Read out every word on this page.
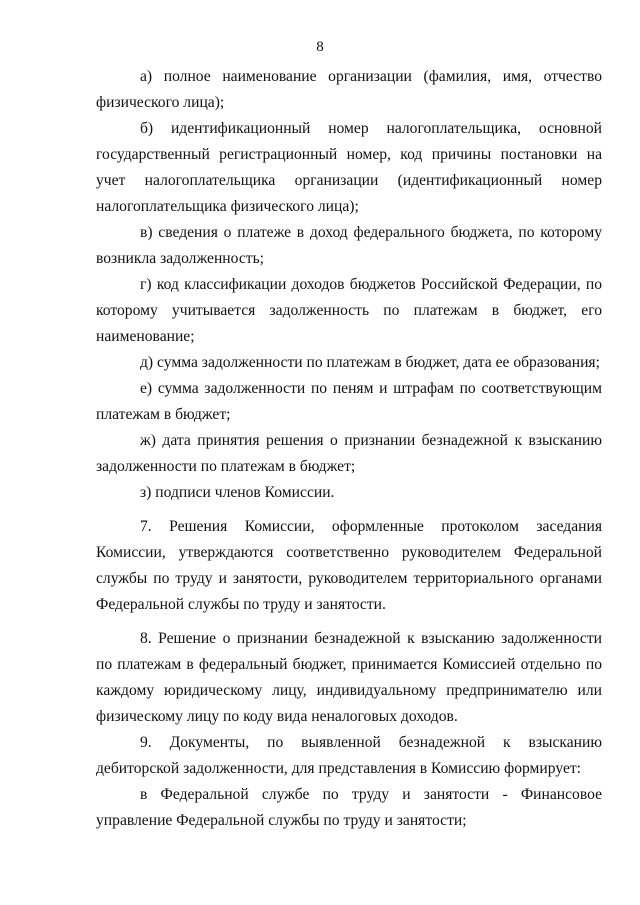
8

а) полное наименование организации (фамилия, имя, отчество физического лица);

б) идентификационный номер налогоплательщика, основной государственный регистрационный номер, код причины постановки на учет налогоплательщика организации (идентификационный номер налогоплательщика физического лица);

в) сведения о платеже в доход федерального бюджета, по которому возникла задолженность;

г) код классификации доходов бюджетов Российской Федерации, по которому учитывается задолженность по платежам в бюджет, его наименование;

д) сумма задолженности по платежам в бюджет, дата ее образования;

е) сумма задолженности по пеням и штрафам по соответствующим платежам в бюджет;

ж) дата принятия решения о признании безнадежной к взысканию задолженности по платежам в бюджет;

з) подписи членов Комиссии.

7. Решения Комиссии, оформленные протоколом заседания Комиссии, утверждаются соответственно руководителем Федеральной службы по труду и занятости, руководителем территориального органами Федеральной службы по труду и занятости.

8. Решение о признании безнадежной к взысканию задолженности по платежам в федеральный бюджет, принимается Комиссией отдельно по каждому юридическому лицу, индивидуальному предпринимателю или физическому лицу по коду вида неналоговых доходов.

9. Документы, по выявленной безнадежной к взысканию дебиторской задолженности, для представления в Комиссию формирует:

в Федеральной службе по труду и занятости - Финансовое управление Федеральной службы по труду и занятости;
